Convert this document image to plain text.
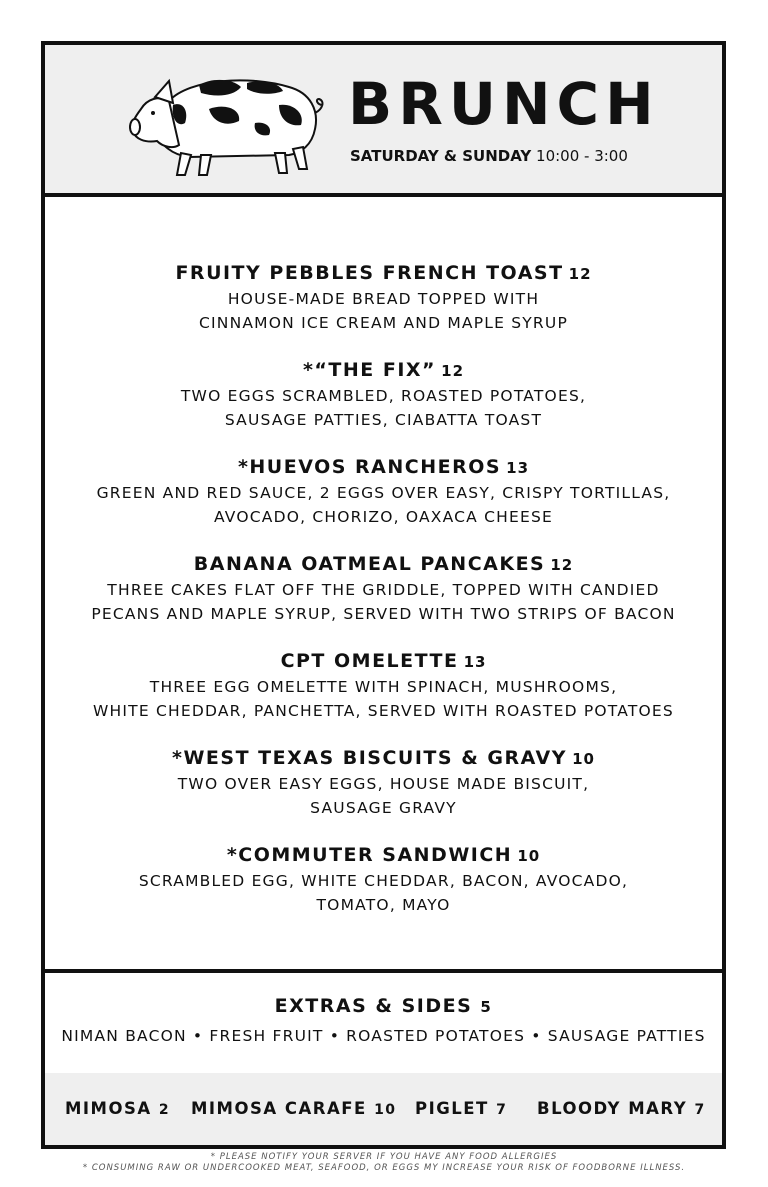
BRUNCH
SATURDAY & SUNDAY 10:00 - 3:00
FRUITY PEBBLES FRENCH TOAST 12
HOUSE-MADE BREAD TOPPED WITH
CINNAMON ICE CREAM AND MAPLE SYRUP
*“THE FIX” 12
TWO EGGS SCRAMBLED, ROASTED POTATOES,
SAUSAGE PATTIES, CIABATTA TOAST
*HUEVOS RANCHEROS 13
GREEN AND RED SAUCE, 2 EGGS OVER EASY, CRISPY TORTILLAS,
AVOCADO, CHORIZO, OAXACA CHEESE
BANANA OATMEAL PANCAKES 12
THREE CAKES FLAT OFF THE GRIDDLE, TOPPED WITH CANDIED
PECANS AND MAPLE SYRUP, SERVED WITH TWO STRIPS OF BACON
CPT OMELETTE 13
THREE EGG OMELETTE WITH SPINACH, MUSHROOMS,
WHITE CHEDDAR, PANCHETTA, SERVED WITH ROASTED POTATOES
*WEST TEXAS BISCUITS & GRAVY 10
TWO OVER EASY EGGS, HOUSE MADE BISCUIT,
SAUSAGE GRAVY
*COMMUTER SANDWICH 10
SCRAMBLED EGG, WHITE CHEDDAR, BACON, AVOCADO,
TOMATO, MAYO
EXTRAS & SIDES 5
NIMAN BACON • FRESH FRUIT • ROASTED POTATOES • SAUSAGE PATTIES
MIMOSA 2 MIMOSA CARAFE 10 PIGLET 7 BLOODY MARY 7
* PLEASE NOTIFY YOUR SERVER IF YOU HAVE ANY FOOD ALLERGIES
* CONSUMING RAW OR UNDERCOOKED MEAT, SEAFOOD, OR EGGS MY INCREASE YOUR RISK OF FOODBORNE ILLNESS.
